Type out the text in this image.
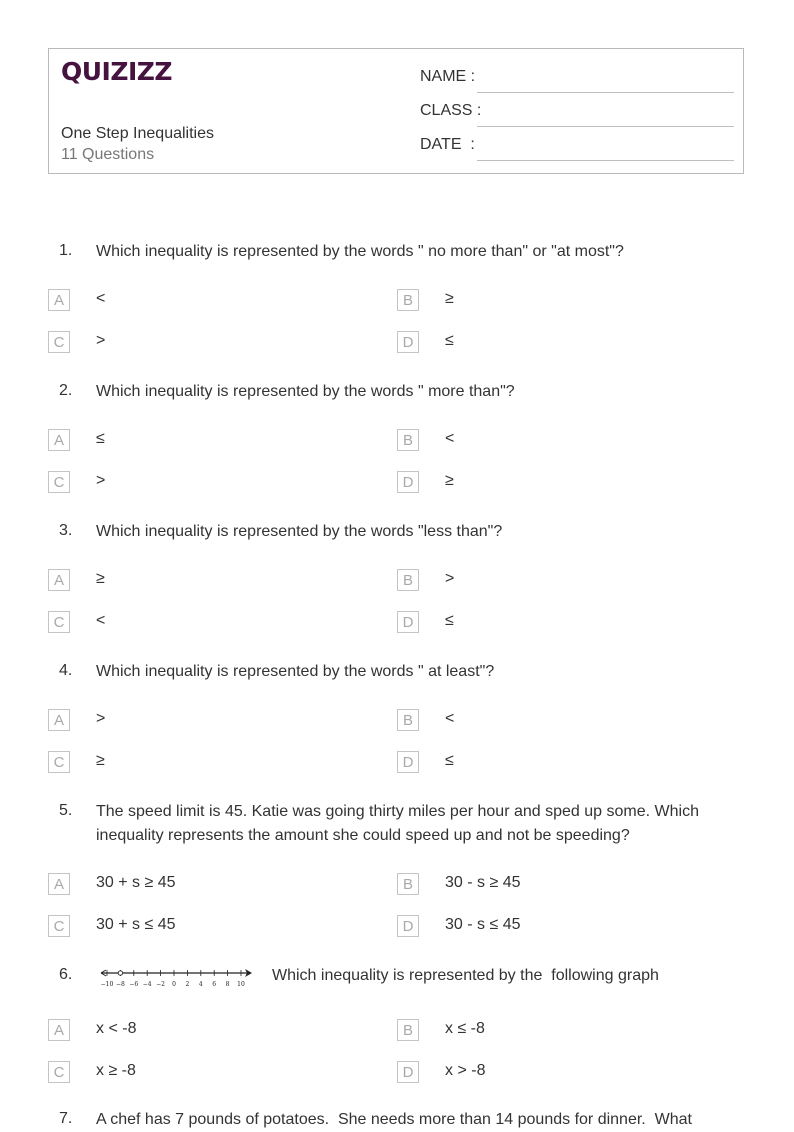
QUIZIZZ
One Step Inequalities
11 Questions
NAME :
CLASS :
DATE  :
1. Which inequality is represented by the words " no more than" or "at most"?
A	<	B	≥
C	>	D	≤
2. Which inequality is represented by the words " more than"?
A	≤	B	<
C	>	D	≥
3. Which inequality is represented by the words "less than"?
A	≥	B	>
C	<	D	≤
4. Which inequality is represented by the words " at least"?
A	>	B	<
C	≥	D	≤
5. The speed limit is 45. Katie was going thirty miles per hour and sped up some. Which inequality represents the amount she could speed up and not be speeding?
A	30 + s ≥ 45	B	30 - s ≥ 45
C	30 + s ≤ 45	D	30 - s ≤ 45
6.
−10 −8 −6 −4 −2 0 2 4 6 8 10
Which inequality is represented by the  following graph
A	x < -8	B	x ≤ -8
C	x ≥ -8	D	x > -8
7. A chef has 7 pounds of potatoes.  She needs more than 14 pounds for dinner.  What
